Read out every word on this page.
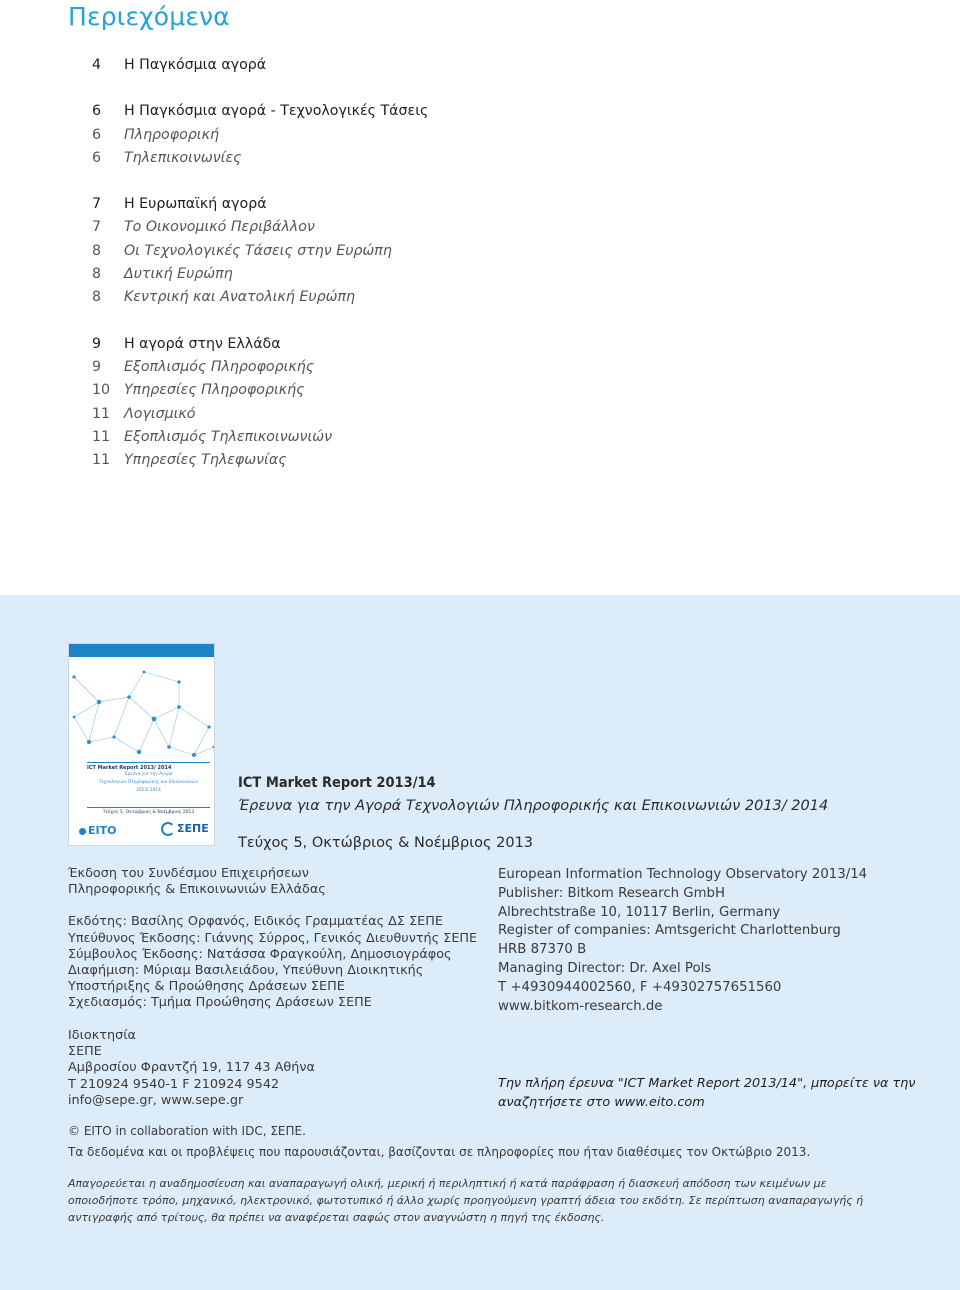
Περιεχόμενα
4	Η Παγκόσμια αγορά
6	Η Παγκόσμια αγορά - Τεχνολογικές Τάσεις
6	Πληροφορική
6	Τηλεπικοινωνίες
7	Η Ευρωπαϊκή αγορά
7	Το Οικονομικό Περιβάλλον
8	Οι Τεχνολογικές Τάσεις στην Ευρώπη
8	Δυτική Ευρώπη
8	Κεντρική και Ανατολική Ευρώπη
9	Η αγορά στην Ελλάδα
9	Εξοπλισμός Πληροφορικής
10 Υπηρεσίες Πληροφορικής
11 Λογισμικό
11 Εξοπλισμός Τηλεπικοινωνιών
11 Υπηρεσίες Τηλεφωνίας
ICT Market Report 2013/ 2014
Έρευνα για την Αγορά
Τεχνολογιών Πληροφορικής και Επικοινωνιών
2013/ 2014
Τεύχος 5, Οκτώβριος & Νοέμβριος 2013
EITO	ΣΕΠΕ
ICT Market Report 2013/14
Έρευνα για την Αγορά Τεχνολογιών Πληροφορικής και Επικοινωνιών 2013/ 2014
Τεύχος 5, Οκτώβριος & Νοέμβριος 2013
Έκδοση του Συνδέσμου Επιχειρήσεων
Πληροφορικής & Επικοινωνιών Ελλάδας
Εκδότης: Βασίλης Ορφανός, Ειδικός Γραμματέας ΔΣ ΣΕΠΕ
Υπεύθυνος Έκδοσης: Γιάννης Σύρρος, Γενικός Διευθυντής ΣΕΠΕ
Σύμβουλος Έκδοσης: Νατάσσα Φραγκούλη, Δημοσιογράφος
Διαφήμιση: Μύριαμ Βασιλειάδου, Υπεύθυνη Διοικητικής
Υποστήριξης & Προώθησης Δράσεων ΣΕΠΕ
Σχεδιασμός: Τμήμα Προώθησης Δράσεων ΣΕΠΕ
Ιδιοκτησία
ΣΕΠΕ
Αμβροσίου Φραντζή 19, 117 43 Αθήνα
Τ 210924 9540-1 F 210924 9542
info@sepe.gr, www.sepe.gr
European Information Technology Observatory 2013/14
Publisher: Bitkom Research GmbH
Albrechtstraße 10, 10117 Berlin, Germany
Register of companies: Amtsgericht Charlottenburg
HRB 87370 B
Managing Director: Dr. Axel Pols
T +4930944002560, F +49302757651560
www.bitkom-research.de
Την πλήρη έρευνα "ICT Market Report 2013/14", μπορείτε να την
αναζητήσετε στο www.eito.com
© EITO in collaboration with IDC, ΣΕΠΕ.
Τα δεδομένα και οι προβλέψεις που παρουσιάζονται, βασίζονται σε πληροφορίες που ήταν διαθέσιμες τον Οκτώβριο 2013.
Απαγορεύεται η αναδημοσίευση και αναπαραγωγή ολική, μερική ή περιληπτική ή κατά παράφραση ή διασκευή απόδοση των κειμένων με οποιοδήποτε τρόπο, μηχανικό, ηλεκτρονικό, φωτοτυπικό ή άλλο χωρίς προηγούμενη γραπτή άδεια του εκδότη. Σε περίπτωση αναπαραγωγής ή αντιγραφής από τρίτους, θα πρέπει να αναφέρεται σαφώς στον αναγνώστη η πηγή της έκδοσης.
